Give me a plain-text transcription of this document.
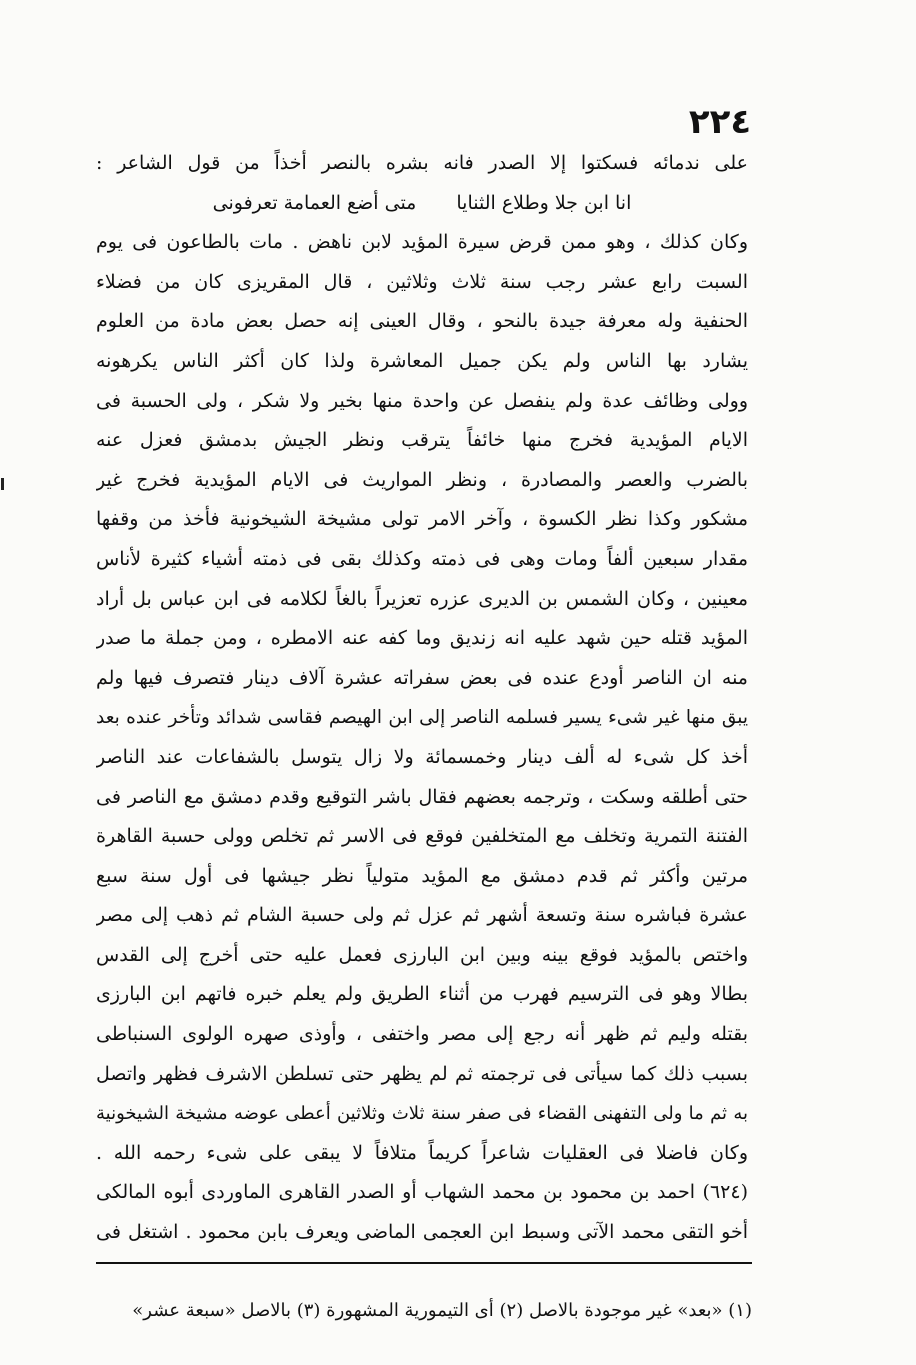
٢٢٤
على ندمائه فسكتوا إلا الصدر فانه بشره بالنصر أخذاً من قول الشاعر :
انا ابن جلا وطلاع الثنايا
متى أضع العمامة تعرفونى
وكان كذلك ، وهو ممن قرض سيرة المؤيد لابن ناهض . مات بالطاعون فى يوم
السبت رابع عشر رجب سنة ثلاث وثلاثين ، قال المقريزى كان من فضلاء
الحنفية وله معرفة جيدة بالنحو ، وقال العينى إنه حصل بعض مادة من العلوم
يشارد بها الناس ولم يكن جميل المعاشرة ولذا كان أكثر الناس يكرهونه
وولى وظائف عدة ولم ينفصل عن واحدة منها بخير ولا شكر ، ولى الحسبة فى
الايام المؤيدية فخرج منها خائفاً يترقب ونظر الجيش بدمشق فعزل عنه
بالضرب والعصر والمصادرة ، ونظر المواريث فى الايام المؤيدية فخرج غير
مشكور وكذا نظر الكسوة ، وآخر الامر تولى مشيخة الشيخونية فأخذ من وقفها
مقدار سبعين ألفاً ومات وهى فى ذمته وكذلك بقى فى ذمته أشياء كثيرة لأناس
معينين ، وكان الشمس بن الديرى عزره تعزيراً بالغاً لكلامه فى ابن عباس بل أراد
المؤيد قتله حين شهد عليه انه زنديق وما كفه عنه الامطره ، ومن جملة ما صدر
منه ان الناصر أودع عنده فى بعض سفراته عشرة آلاف دينار فتصرف فيها ولم
يبق منها غير شىء يسير فسلمه الناصر إلى ابن الهيصم فقاسى شدائد وتأخر عنده بعد
أخذ كل شىء له ألف دينار وخمسمائة ولا زال يتوسل بالشفاعات عند الناصر
حتى أطلقه وسكت ، وترجمه بعضهم فقال باشر التوقيع وقدم دمشق مع الناصر فى
الفتنة التمرية وتخلف مع المتخلفين فوقع فى الاسر ثم تخلص وولى حسبة القاهرة
مرتين وأكثر ثم قدم دمشق مع المؤيد متولياً نظر جيشها فى أول سنة سبع
عشرة فباشره سنة وتسعة أشهر ثم عزل ثم ولى حسبة الشام ثم ذهب إلى مصر
واختص بالمؤيد فوقع بينه وبين ابن البارزى فعمل عليه حتى أخرج إلى القدس
بطالا وهو فى الترسيم فهرب من أثناء الطريق ولم يعلم خبره فاتهم ابن البارزى
بقتله وليم ثم ظهر أنه رجع إلى مصر واختفى ، وأوذى صهره الولوى السنباطى
بسبب ذلك كما سيأتى فى ترجمته ثم لم يظهر حتى تسلطن الاشرف فظهر واتصل
به ثم ما ولى التفهنى القضاء فى صفر سنة ثلاث وثلاثين أعطى عوضه مشيخة الشيخونية
وكان فاضلا فى العقليات شاعراً كريماً متلافاً لا يبقى على شىء رحمه الله .
(٦٢٤) احمد بن محمود بن محمد الشهاب أو الصدر القاهرى الماوردى أبوه المالكى
أخو التقى محمد الآتى وسبط ابن العجمى الماضى ويعرف بابن محمود . اشتغل فى
(١) «بعد» غير موجودة بالاصل (٢) أى التيمورية المشهورة (٣) بالاصل «سبعة عشر»
